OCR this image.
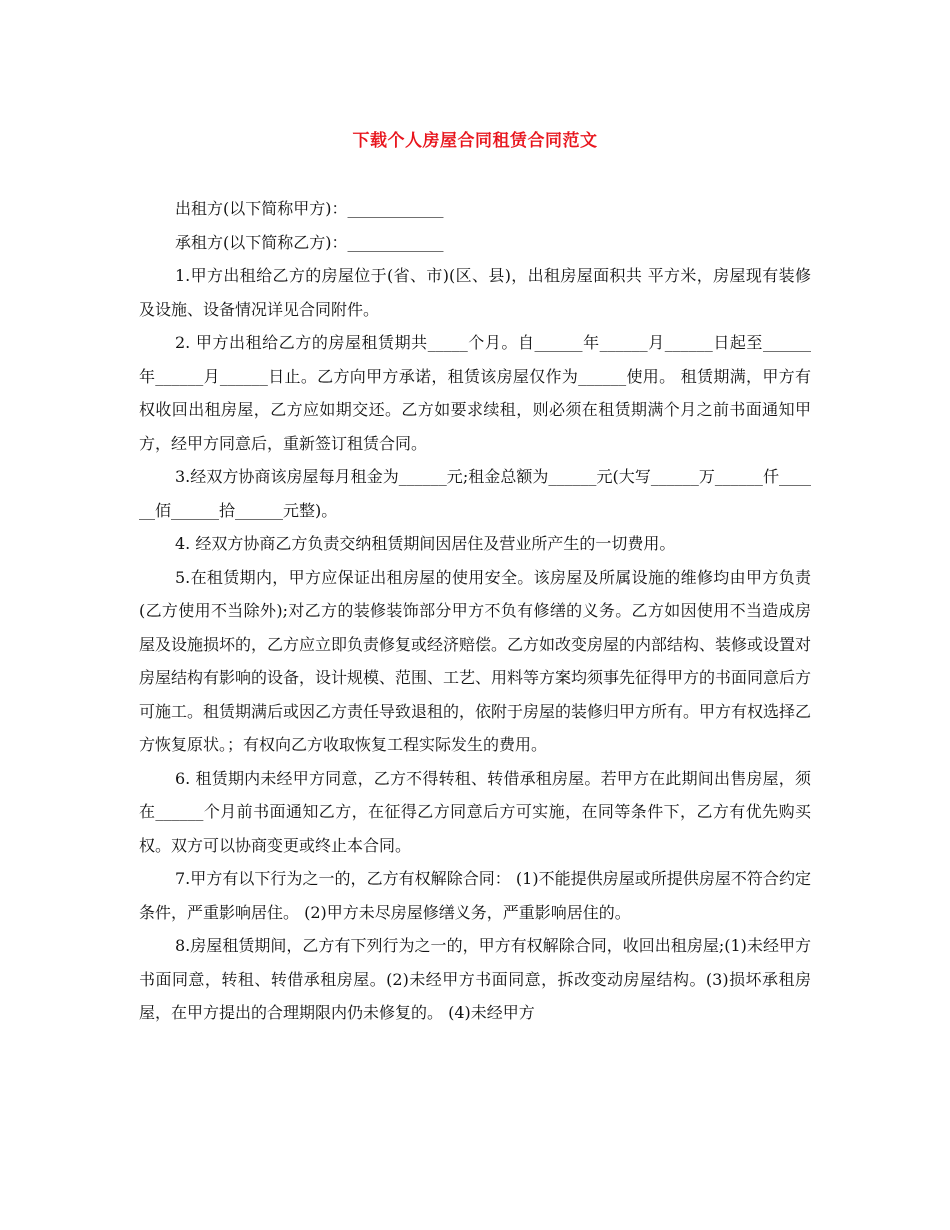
下载个人房屋合同租赁合同范文

出租方(以下简称甲方)：____________

承租方(以下简称乙方)：____________

1.甲方出租给乙方的房屋位于(省、市)(区、县)，出租房屋面积共 平方米，房屋现有装修及设施、设备情况详见合同附件。

2. 甲方出租给乙方的房屋租赁期共_____个月。自______年______月______日起至______年______月______日止。乙方向甲方承诺，租赁该房屋仅作为______使用。 租赁期满，甲方有权收回出租房屋，乙方应如期交还。乙方如要求续租，则必须在租赁期满个月之前书面通知甲方，经甲方同意后，重新签订租赁合同。

3.经双方协商该房屋每月租金为______元;租金总额为______元(大写______万______仟______佰______拾______元整)。

4. 经双方协商乙方负责交纳租赁期间因居住及营业所产生的一切费用。

5.在租赁期内，甲方应保证出租房屋的使用安全。该房屋及所属设施的维修均由甲方负责(乙方使用不当除外);对乙方的装修装饰部分甲方不负有修缮的义务。乙方如因使用不当造成房屋及设施损坏的，乙方应立即负责修复或经济赔偿。乙方如改变房屋的内部结构、装修或设置对房屋结构有影响的设备，设计规模、范围、工艺、用料等方案均须事先征得甲方的书面同意后方可施工。租赁期满后或因乙方责任导致退租的，依附于房屋的装修归甲方所有。甲方有权选择乙方恢复原状。；有权向乙方收取恢复工程实际发生的费用。

6. 租赁期内未经甲方同意，乙方不得转租、转借承租房屋。若甲方在此期间出售房屋，须在______个月前书面通知乙方，在征得乙方同意后方可实施，在同等条件下，乙方有优先购买权。双方可以协商变更或终止本合同。

7.甲方有以下行为之一的，乙方有权解除合同： (1)不能提供房屋或所提供房屋不符合约定条件，严重影响居住。 (2)甲方未尽房屋修缮义务，严重影响居住的。

8.房屋租赁期间，乙方有下列行为之一的，甲方有权解除合同，收回出租房屋;(1)未经甲方书面同意，转租、转借承租房屋。(2)未经甲方书面同意，拆改变动房屋结构。(3)损坏承租房屋，在甲方提出的合理期限内仍未修复的。 (4)未经甲方
